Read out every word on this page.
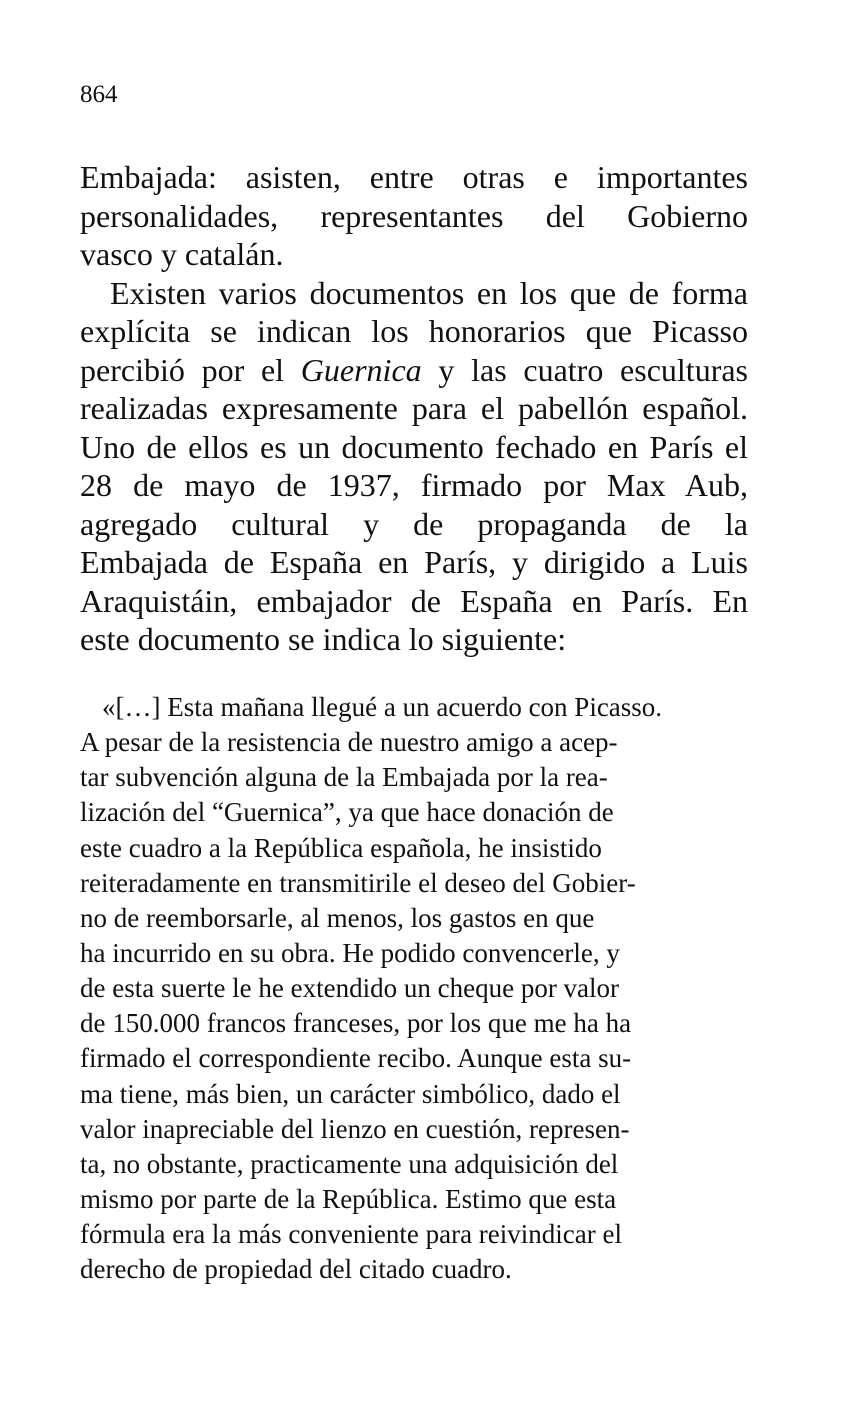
864
Embajada: asisten, entre otras e importantes
personalidades, representantes del Gobierno
vasco y catalán.
Existen varios documentos en los que de forma
explícita se indican los honorarios que Picasso
percibió por el Guernica y las cuatro esculturas
realizadas expresamente para el pabellón español.
Uno de ellos es un documento fechado en París el
28 de mayo de 1937, firmado por Max Aub,
agregado cultural y de propaganda de la
Embajada de España en París, y dirigido a Luis
Araquistáin, embajador de España en París. En
este documento se indica lo siguiente:
«[…] Esta mañana llegué a un acuerdo con Picasso.
A pesar de la resistencia de nuestro amigo a acep-
tar subvención alguna de la Embajada por la rea-
lización del “Guernica”, ya que hace donación de
este cuadro a la República española, he insistido
reiteradamente en transmitirile el deseo del Gobier-
no de reemborsarle, al menos, los gastos en que
ha incurrido en su obra. He podido convencerle, y
de esta suerte le he extendido un cheque por valor
de 150.000 francos franceses, por los que me ha ha
firmado el correspondiente recibo. Aunque esta su-
ma tiene, más bien, un carácter simbólico, dado el
valor inapreciable del lienzo en cuestión, represen-
ta, no obstante, practicamente una adquisición del
mismo por parte de la República. Estimo que esta
fórmula era la más conveniente para reivindicar el
derecho de propiedad del citado cuadro.
